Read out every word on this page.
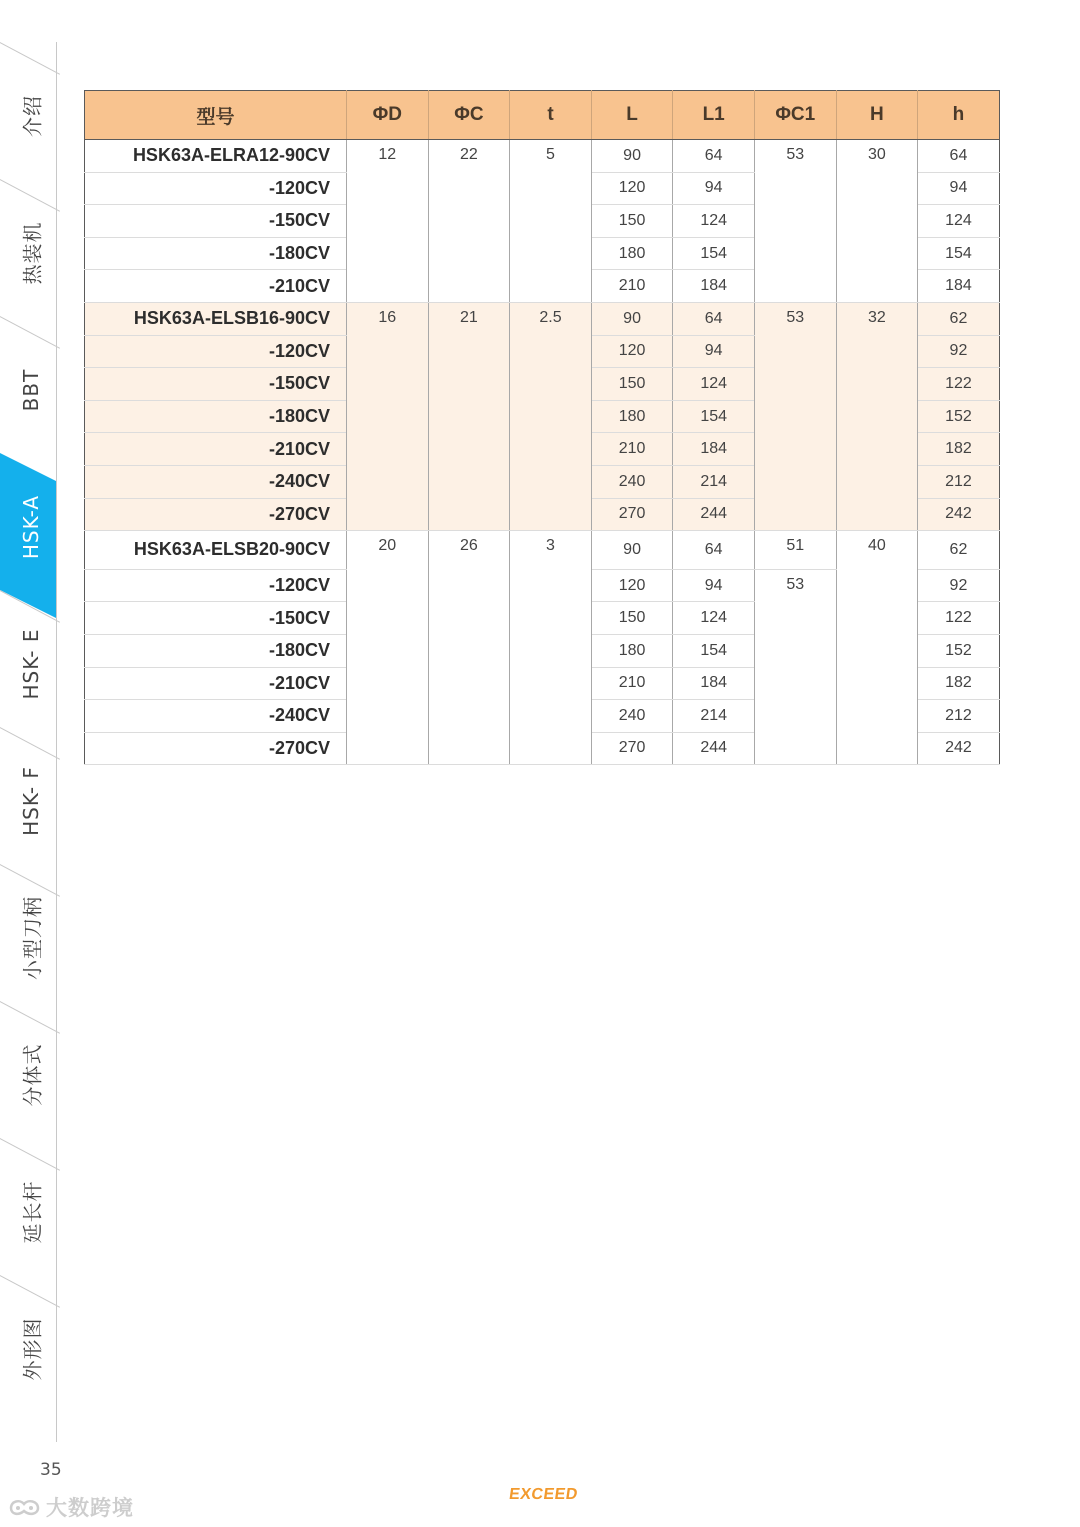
介绍
热装机
BBT
HSK-A
HSK- E
HSK- F
小型刀柄
分体式
延长杆
外形图
型号	ΦD	ΦC	t	L	L1	ΦC1	H	h
HSK63A-ELRA12-90CV	12	22	5	90	64	53	30	64
-120CV				120	94			94
-150CV				150	124			124
-180CV				180	154			154
-210CV				210	184			184
HSK63A-ELSB16-90CV	16	21	2.5	90	64	53	32	62
-120CV				120	94			92
-150CV				150	124			122
-180CV				180	154			152
-210CV				210	184			182
-240CV				240	214			212
-270CV				270	244			242
HSK63A-ELSB20-90CV	20	26	3	90	64	51	40	62
-120CV				120	94	53		92
-150CV				150	124			122
-180CV				180	154			152
-210CV				210	184			182
-240CV				240	214			212
-270CV				270	244			242
35
EXCEED
大数跨境
